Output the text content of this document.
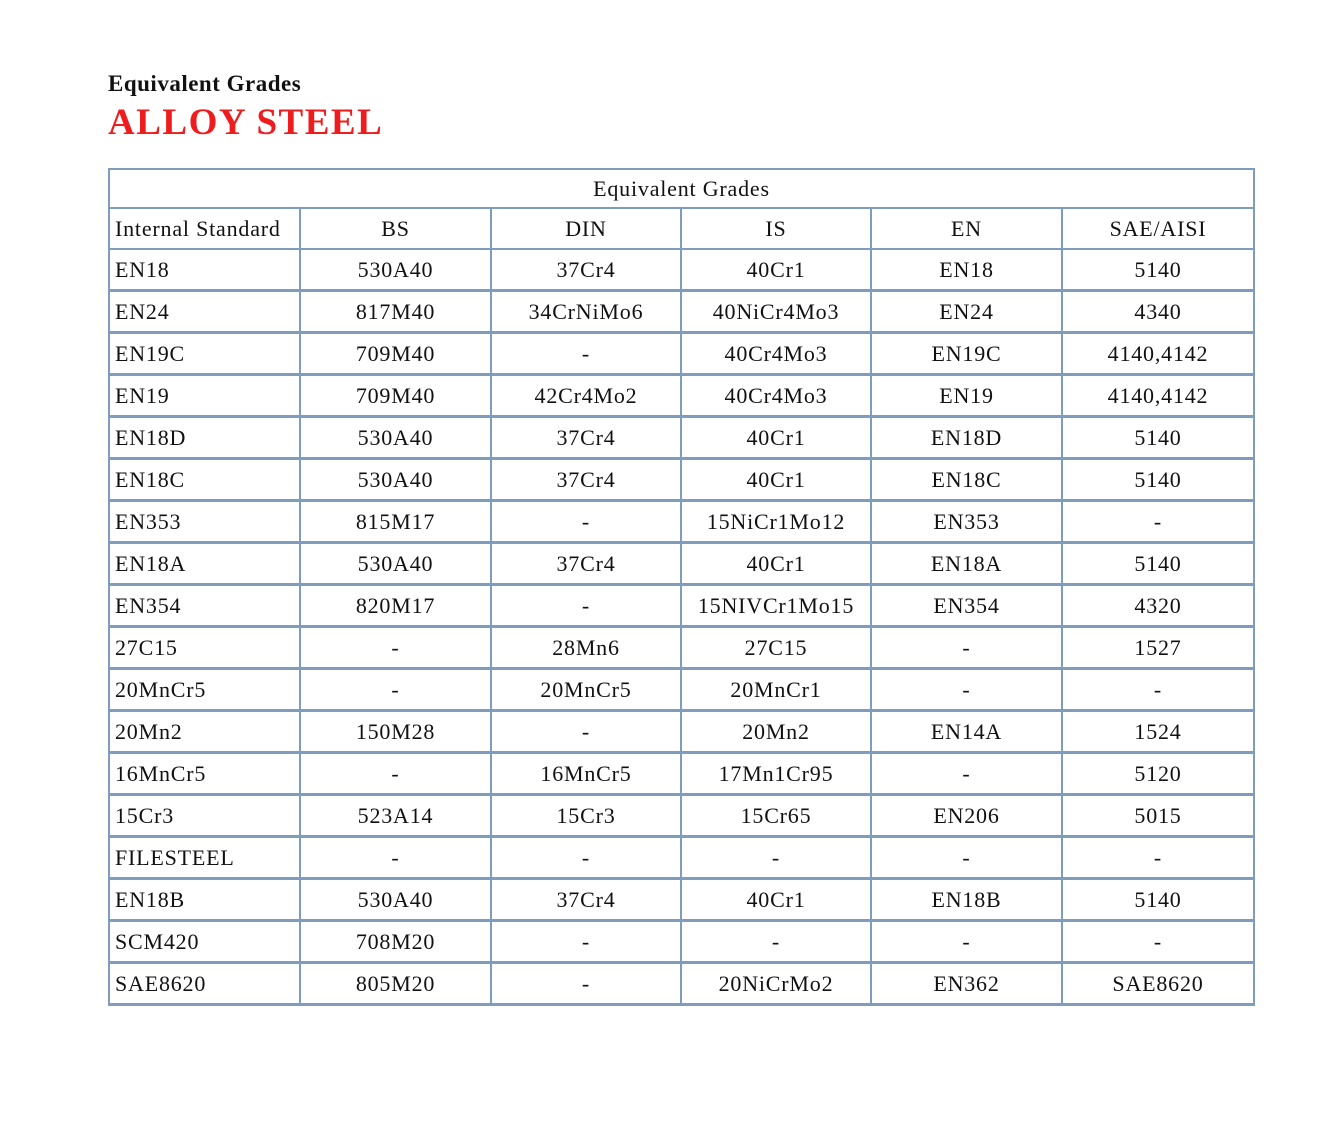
Equivalent Grades
ALLOY STEEL
Equivalent Grades					
Internal Standard	BS	DIN	IS	EN	SAE/AISI
EN18	530A40	37Cr4	40Cr1	EN18	5140
EN24	817M40	34CrNiMo6	40NiCr4Mo3	EN24	4340
EN19C	709M40	-	40Cr4Mo3	EN19C	4140,4142
EN19	709M40	42Cr4Mo2	40Cr4Mo3	EN19	4140,4142
EN18D	530A40	37Cr4	40Cr1	EN18D	5140
EN18C	530A40	37Cr4	40Cr1	EN18C	5140
EN353	815M17	-	15NiCr1Mo12	EN353	-
EN18A	530A40	37Cr4	40Cr1	EN18A	5140
EN354	820M17	-	15NIVCr1Mo15	EN354	4320
27C15	-	28Mn6	27C15	-	1527
20MnCr5	-	20MnCr5	20MnCr1	-	-
20Mn2	150M28	-	20Mn2	EN14A	1524
16MnCr5	-	16MnCr5	17Mn1Cr95	-	5120
15Cr3	523A14	15Cr3	15Cr65	EN206	5015
FILESTEEL	-	-	-	-	-
EN18B	530A40	37Cr4	40Cr1	EN18B	5140
SCM420	708M20	-	-	-	-
SAE8620	805M20	-	20NiCrMo2	EN362	SAE8620
